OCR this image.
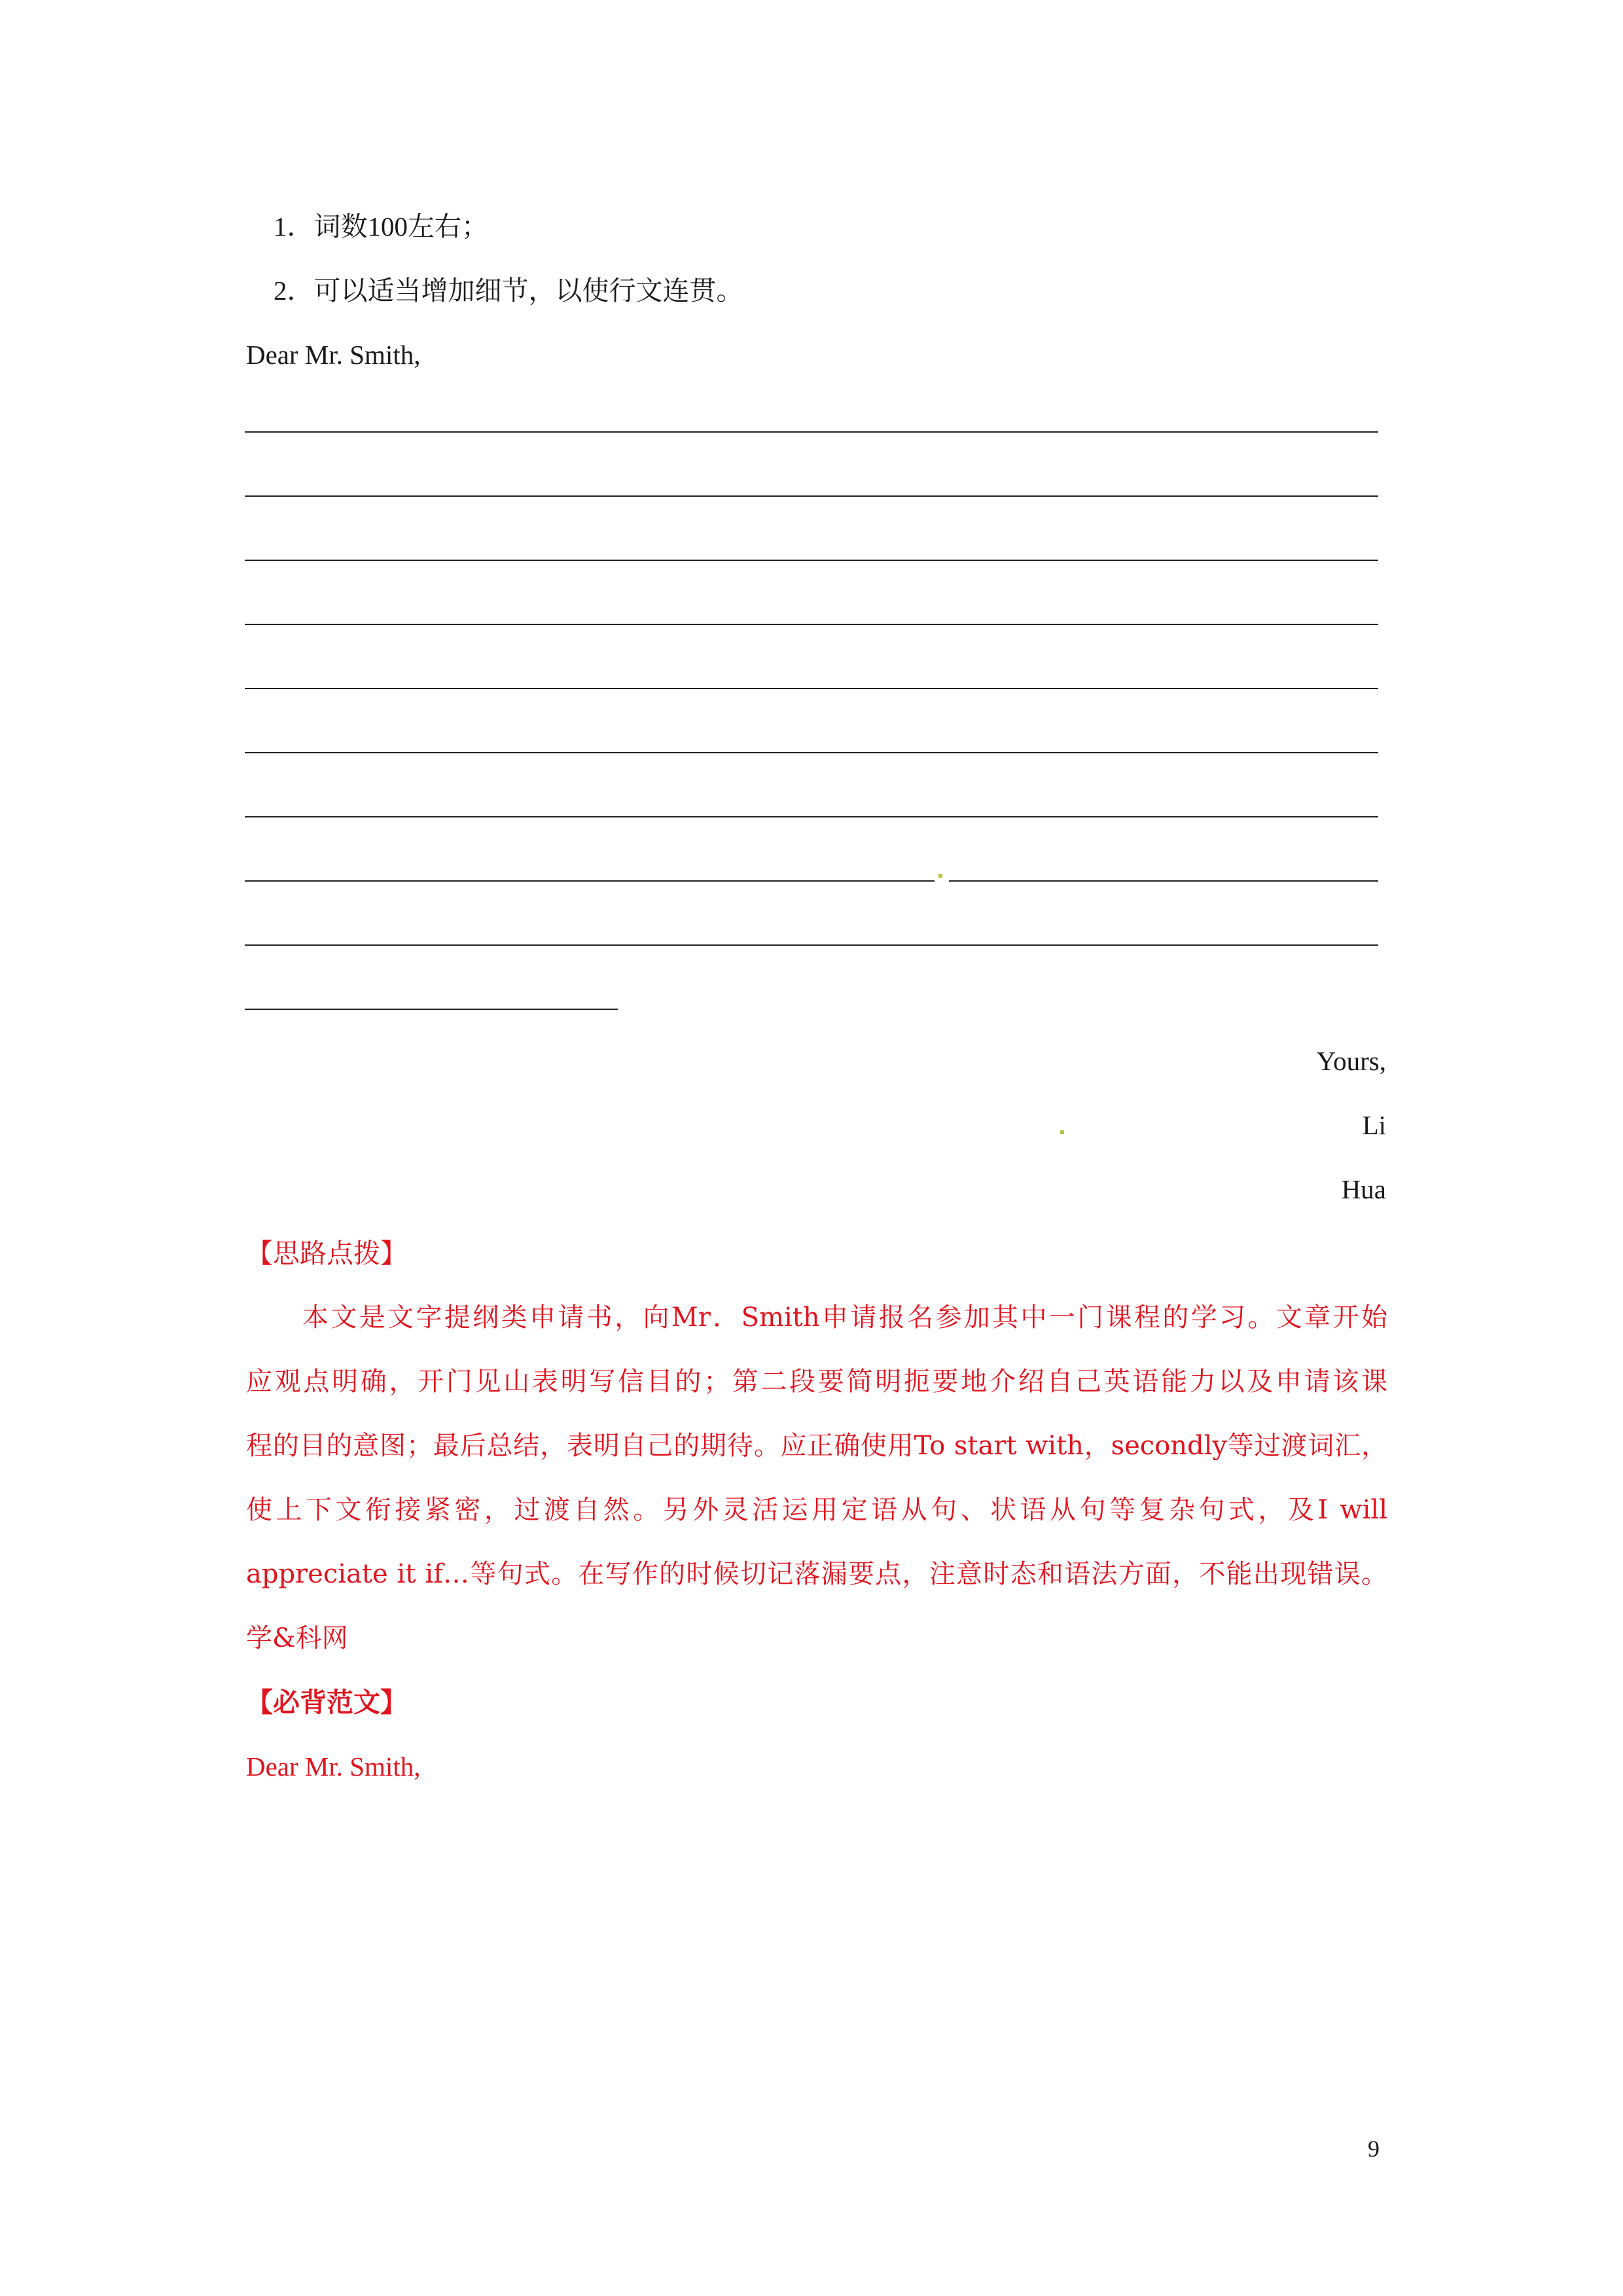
1．词数100左右；
2．可以适当增加细节，以使行文连贯。
Dear Mr. Smith,
Yours,
Li
Hua
【思路点拨】
本文是文字提纲类申请书，向Mr．Smith申请报名参加其中一门课程的学习。文章开始
应观点明确，开门见山表明写信目的；第二段要简明扼要地介绍自己英语能力以及申请该课
程的目的意图；最后总结，表明自己的期待。应正确使用To start with，secondly等过渡词汇，
使上下文衔接紧密，过渡自然。另外灵活运用定语从句、状语从句等复杂句式，及I will
appreciate it if…等句式。在写作的时候切记落漏要点，注意时态和语法方面，不能出现错误。
学&科网
【必背范文】
Dear Mr. Smith,
9
